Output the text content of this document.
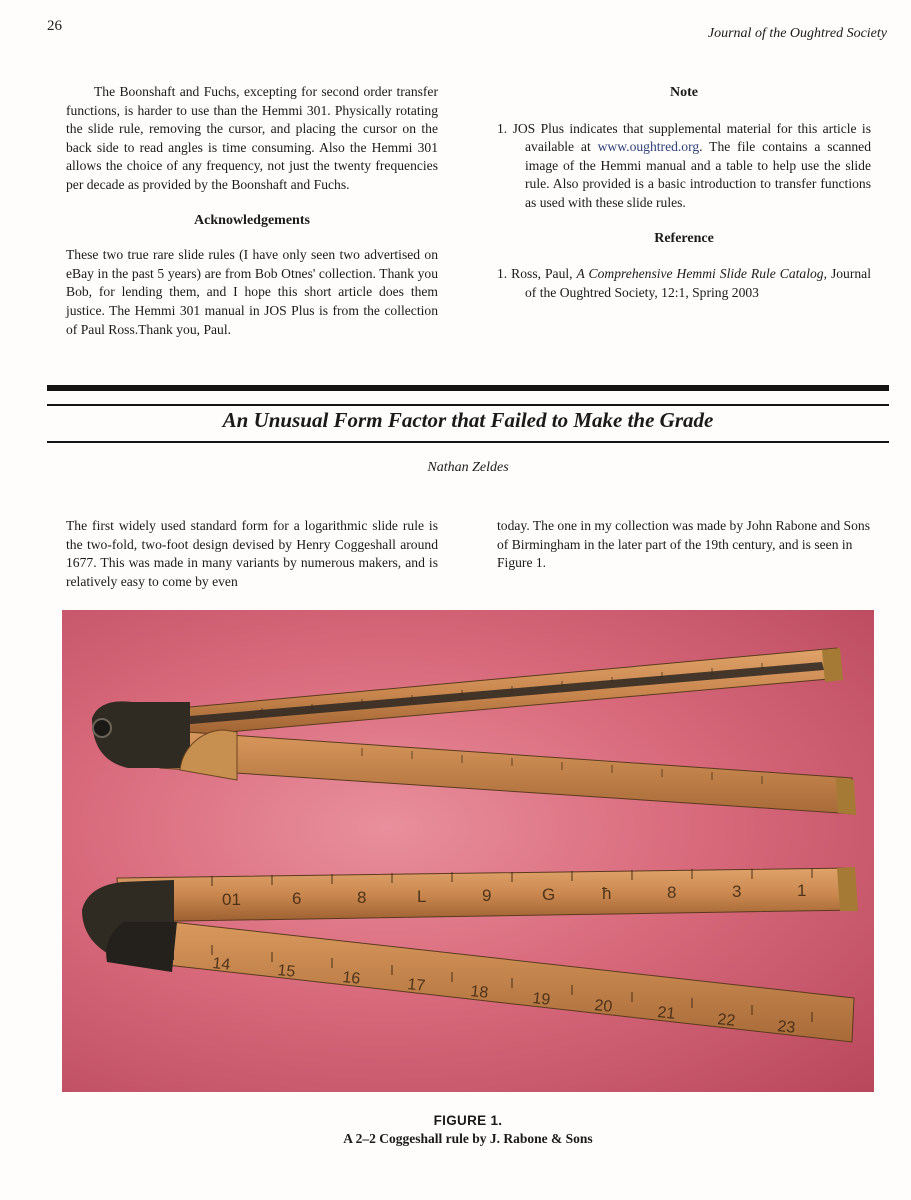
26	Journal of the Oughtred Society

The Boonshaft and Fuchs, excepting for second order transfer functions, is harder to use than the Hemmi 301. Physically rotating the slide rule, removing the cursor, and placing the cursor on the back side to read angles is time consuming. Also the Hemmi 301 allows the choice of any frequency, not just the twenty frequencies per decade as provided by the Boonshaft and Fuchs.

Acknowledgements

These two true rare slide rules (I have only seen two advertised on eBay in the past 5 years) are from Bob Otnes' collection. Thank you Bob, for lending them, and I hope this short article does them justice. The Hemmi 301 manual in JOS Plus is from the collection of Paul Ross.Thank you, Paul.

Note

1. JOS Plus indicates that supplemental material for this article is available at www.oughtred.org. The file contains a scanned image of the Hemmi manual and a table to help use the slide rule. Also provided is a basic introduction to transfer functions as used with these slide rules.

Reference

1. Ross, Paul, A Comprehensive Hemmi Slide Rule Catalog, Journal of the Oughtred Society, 12:1, Spring 2003

An Unusual Form Factor that Failed to Make the Grade
Nathan Zeldes
The first widely used standard form for a logarithmic slide rule is the two-fold, two-foot design devised by Henry Coggeshall around 1677. This was made in many variants by numerous makers, and is relatively easy to come by even
today. The one in my collection was made by John Rabone and Sons of Birmingham in the later part of the 19th century, and is seen in Figure 1.
01	6	8	L	9	G	ħ	8	3	1
14	15	16	17	18	19	20	21	22	23
FIGURE 1.
A 2–2 Coggeshall rule by J. Rabone & Sons
